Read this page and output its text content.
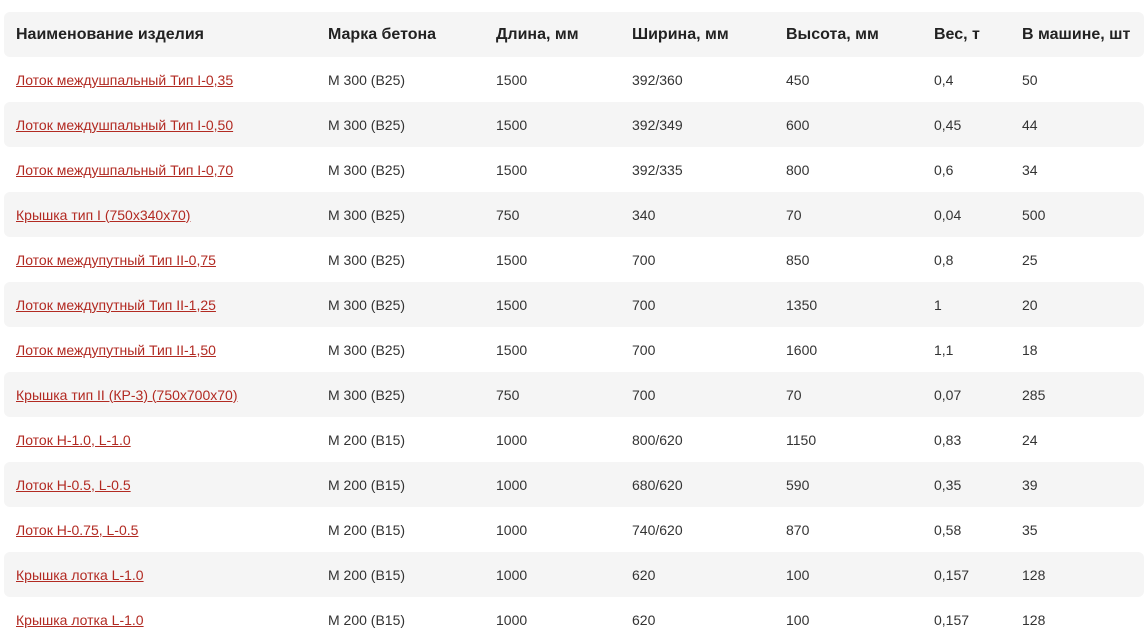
Наименование изделия	Марка бетона	Длина, мм	Ширина, мм	Высота, мм	Вес, т	В машине, шт
Лоток междушпальный Тип I-0,35	М 300 (В25)	1500	392/360	450	0,4	50
Лоток междушпальный Тип I-0,50	М 300 (В25)	1500	392/349	600	0,45	44
Лоток междушпальный Тип I-0,70	М 300 (В25)	1500	392/335	800	0,6	34
Крышка тип I (750х340х70)	М 300 (В25)	750	340	70	0,04	500
Лоток междупутный Тип II-0,75	М 300 (В25)	1500	700	850	0,8	25
Лоток междупутный Тип II-1,25	М 300 (В25)	1500	700	1350	1	20
Лоток междупутный Тип II-1,50	М 300 (В25)	1500	700	1600	1,1	18
Крышка тип II (КР-3) (750х700х70)	М 300 (В25)	750	700	70	0,07	285
Лоток Н-1.0, L-1.0	М 200 (В15)	1000	800/620	1150	0,83	24
Лоток Н-0.5, L-0.5	М 200 (В15)	1000	680/620	590	0,35	39
Лоток Н-0.75, L-0.5	М 200 (В15)	1000	740/620	870	0,58	35
Крышка лотка L-1.0	М 200 (В15)	1000	620	100	0,157	128
Крышка лотка L-1.0	М 200 (В15)	1000	620	100	0,157	128
